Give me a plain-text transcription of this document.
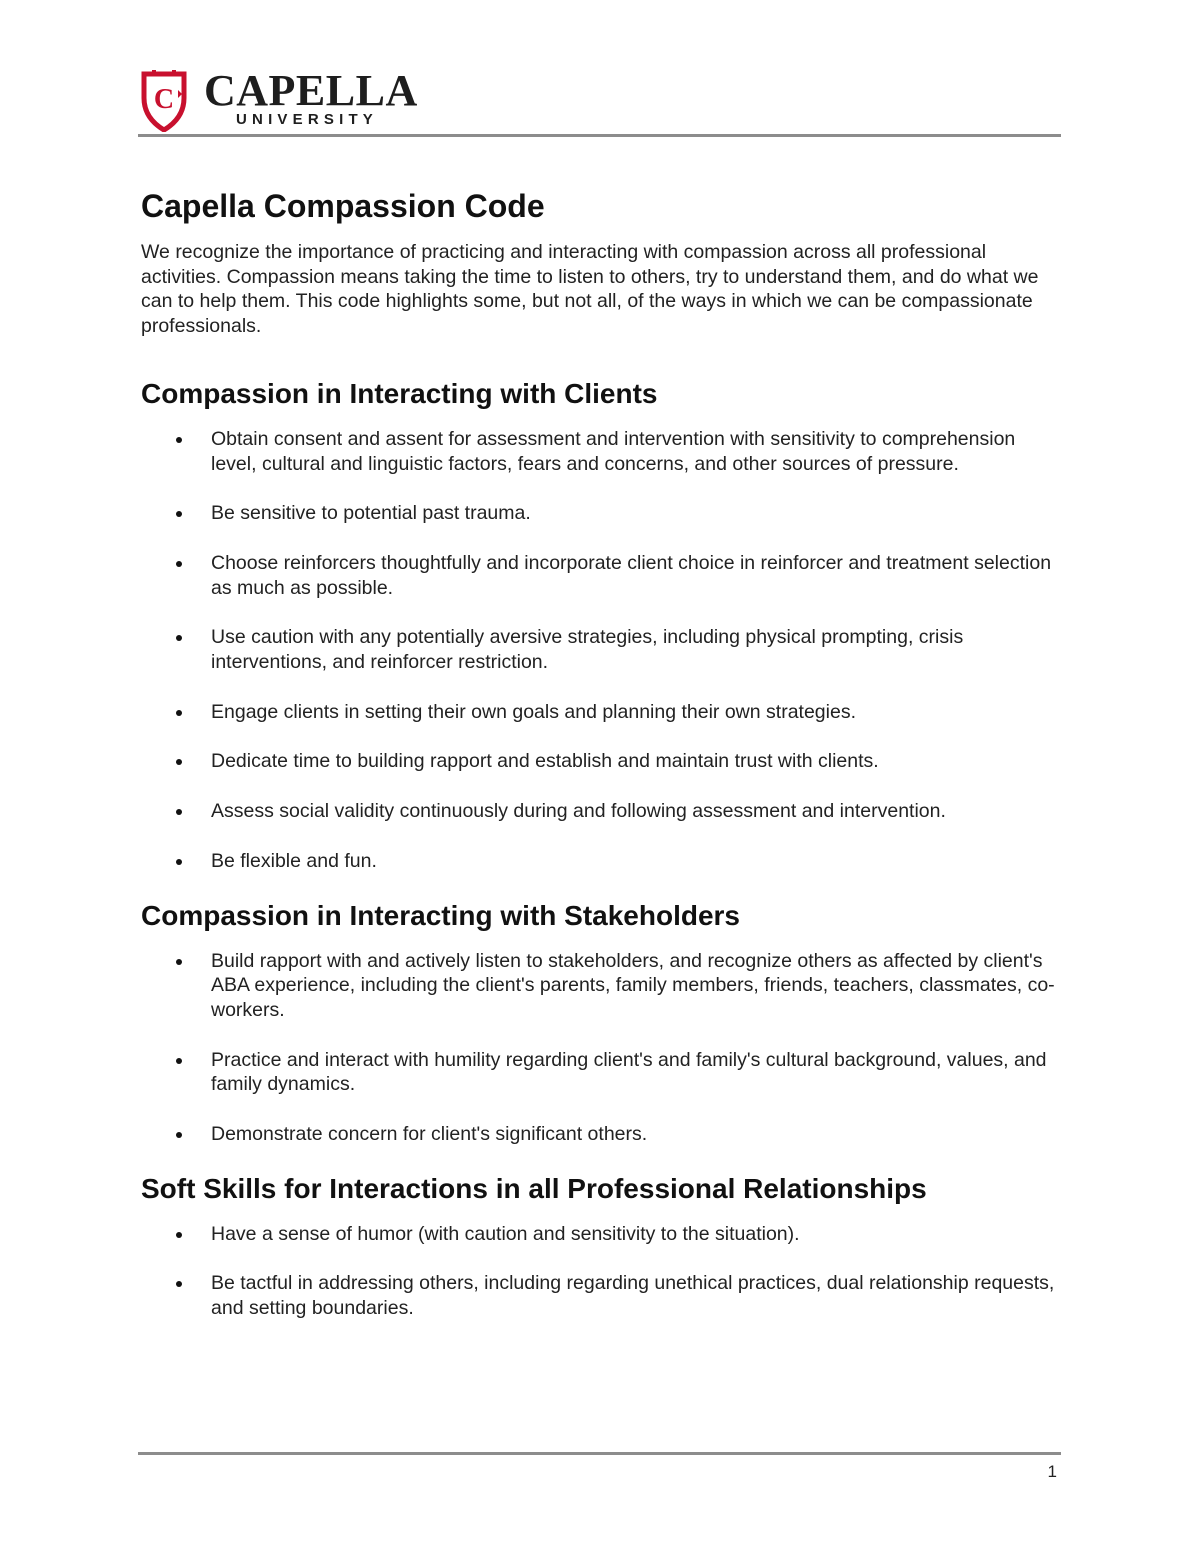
C CAPELLA
UNIVERSITY
Capella Compassion Code

We recognize the importance of practicing and interacting with compassion across all professional activities. Compassion means taking the time to listen to others, try to understand them, and do what we can to help them. This code highlights some, but not all, of the ways in which we can be compassionate professionals.

Compassion in Interacting with Clients
Obtain consent and assent for assessment and intervention with sensitivity to comprehension level, cultural and linguistic factors, fears and concerns, and other sources of pressure.
Be sensitive to potential past trauma.
Choose reinforcers thoughtfully and incorporate client choice in reinforcer and treatment selection as much as possible.
Use caution with any potentially aversive strategies, including physical prompting, crisis interventions, and reinforcer restriction.
Engage clients in setting their own goals and planning their own strategies.
Dedicate time to building rapport and establish and maintain trust with clients.
Assess social validity continuously during and following assessment and intervention.
Be flexible and fun.
Compassion in Interacting with Stakeholders
Build rapport with and actively listen to stakeholders, and recognize others as affected by client's ABA experience, including the client's parents, family members, friends, teachers, classmates, co-workers.
Practice and interact with humility regarding client's and family's cultural background, values, and family dynamics.
Demonstrate concern for client's significant others.
Soft Skills for Interactions in all Professional Relationships
Have a sense of humor (with caution and sensitivity to the situation).
Be tactful in addressing others, including regarding unethical practices, dual relationship requests, and setting boundaries.
1
